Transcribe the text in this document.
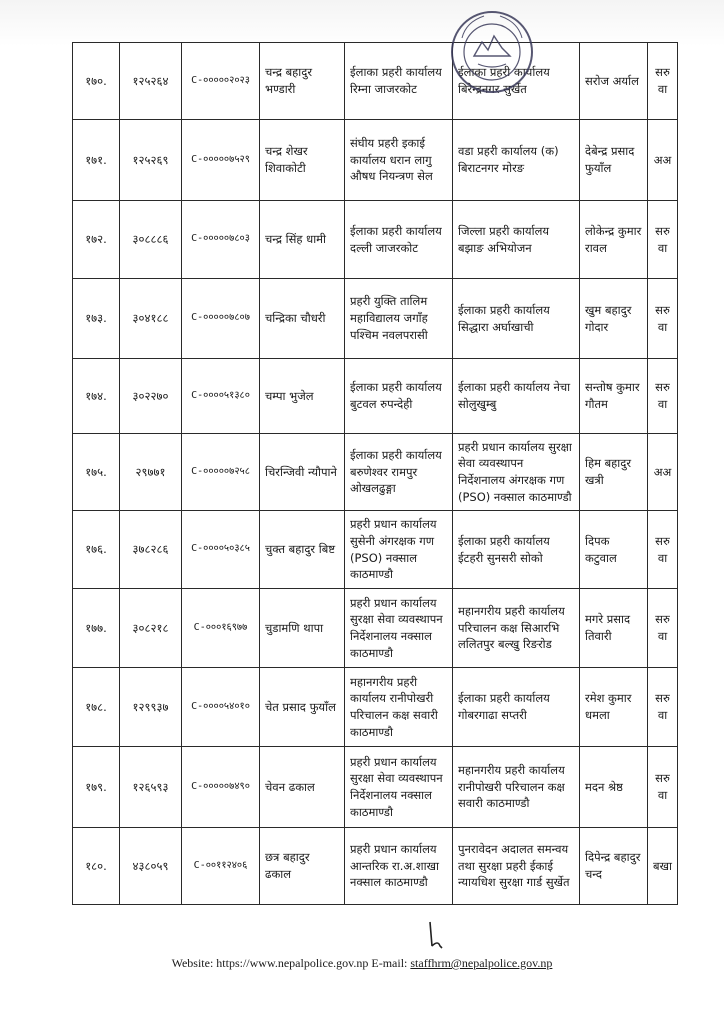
१७०.	१२५२६४	C-०००००२०२३	चन्द्र बहादुर भण्डारी	ईलाका प्रहरी कार्यालय रिम्ना जाजरकोट	ईलाका प्रहरी कार्यालय बिरेन्द्रनगर सुर्खेत	सरोज अर्याल	सरुवा
१७१.	१२५२६९	C-०००००७५२९	चन्द्र शेखर शिवाकोटी	संघीय प्रहरी इकाई कार्यालय धरान लागु औषध नियन्त्रण सेल	वडा प्रहरी कार्यालय (क) बिराटनगर मोरङ	देबेन्द्र प्रसाद फुयाँल	अअ
१७२.	३०८८८६	C-०००००७८०३	चन्द्र सिंह धामी	ईलाका प्रहरी कार्यालय दल्ली जाजरकोट	जिल्ला प्रहरी कार्यालय बझाङ अभियोजन	लोकेन्द्र कुमार रावल	सरुवा
१७३.	३०४१८८	C-०००००७८०७	चन्द्रिका चौधरी	प्रहरी युक्ति तालिम महाविद्यालय जगाँह पश्चिम नवलपरासी	ईलाका प्रहरी कार्यालय सिद्धारा अर्घाखाची	खुम बहादुर गोदार	सरुवा
१७४.	३०२२७०	C-००००५१३८०	चम्पा भुजेल	ईलाका प्रहरी कार्यालय बुटवल रुपन्देही	ईलाका प्रहरी कार्यालय नेचा सोलुखुम्बु	सन्तोष कुमार गौतम	सरुवा
१७५.	२९७७१	C-०००००७२५८	चिरन्जिवी न्यौपाने	ईलाका प्रहरी कार्यालय बरुणेश्वर रामपुर ओखलढुङ्गा	प्रहरी प्रधान कार्यालय सुरक्षा सेवा व्यवस्थापन निर्देशनालय अंगरक्षक गण (PSO) नक्साल काठमाण्डौ	हिम बहादुर खत्री	अअ
१७६.	३७८२८६	C-००००५०३८५	चुक्त बहादुर बिष्ट	प्रहरी प्रधान कार्यालय सुसेनी अंगरक्षक गण (PSO) नक्साल काठमाण्डौ	ईलाका प्रहरी कार्यालय ईटहरी सुनसरी सोको	दिपक कटुवाल	सरुवा
१७७.	३०८२१८	C-०००१६९७७	चुडामणि थापा	प्रहरी प्रधान कार्यालय सुरक्षा सेवा व्यवस्थापन निर्देशनालय नक्साल काठमाण्डौ	महानगरीय प्रहरी कार्यालय परिचालन कक्ष सिआरभि ललितपुर बल्खु रिङरोड	मगरे प्रसाद तिवारी	सरुवा
१७८.	१२९९३७	C-००००५४०१०	चेत प्रसाद फुयाँल	महानगरीय प्रहरी कार्यालय रानीपोखरी परिचालन कक्ष सवारी काठमाण्डौ	ईलाका प्रहरी कार्यालय गोबरगाढा सप्तरी	रमेश कुमार धमला	सरुवा
१७९.	१२६५९३	C-०००००७४९०	चेवन ढकाल	प्रहरी प्रधान कार्यालय सुरक्षा सेवा व्यवस्थापन निर्देशनालय नक्साल काठमाण्डौ	महानगरीय प्रहरी कार्यालय रानीपोखरी परिचालन कक्ष सवारी काठमाण्डौ	मदन श्रेष्ठ	सरुवा
१८०.	४३८०५९	C-००११२४०६	छत्र बहादुर ढकाल	प्रहरी प्रधान कार्यालय आन्तरिक रा.अ.शाखा नक्साल काठमाण्डौ	पुनरावेदन अदालत समन्वय तथा सुरक्षा प्रहरी ईकाई न्यायधिश सुरक्षा गार्ड सुर्खेत	दिपेन्द्र बहादुर चन्द	बखा
Website: https://www.nepalpolice.gov.np E-mail: staffhrm@nepalpolice.gov.np
